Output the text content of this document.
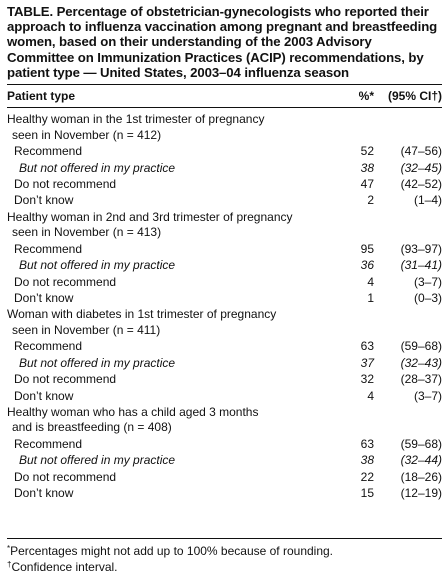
TABLE. Percentage of obstetrician-gynecologists who reported their approach to influenza vaccination among pregnant and breastfeeding women, based on their understanding of the 2003 Advisory Committee on Immunization Practices (ACIP) recommendations, by patient type — United States, 2003–04 influenza season
Patient type	%*	(95% CI†)
Healthy woman in the 1st trimester of pregnancy
seen in November (n = 412)
Recommend	52	(47–56)
But not offered in my practice	38	(32–45)
Do not recommend	47	(42–52)
Don’t know	2	(1–4)
Healthy woman in 2nd and 3rd trimester of pregnancy
seen in November (n = 413)
Recommend	95	(93–97)
But not offered in my practice	36	(31–41)
Do not recommend	4	(3–7)
Don’t know	1	(0–3)
Woman with diabetes in 1st trimester of pregnancy
seen in November (n = 411)
Recommend	63	(59–68)
But not offered in my practice	37	(32–43)
Do not recommend	32	(28–37)
Don’t know	4	(3–7)
Healthy woman who has a child aged 3 months
and is breastfeeding (n = 408)
Recommend	63	(59–68)
But not offered in my practice	38	(32–44)
Do not recommend	22	(18–26)
Don’t know	15	(12–19)
*Percentages might not add up to 100% because of rounding.
†Confidence interval.
